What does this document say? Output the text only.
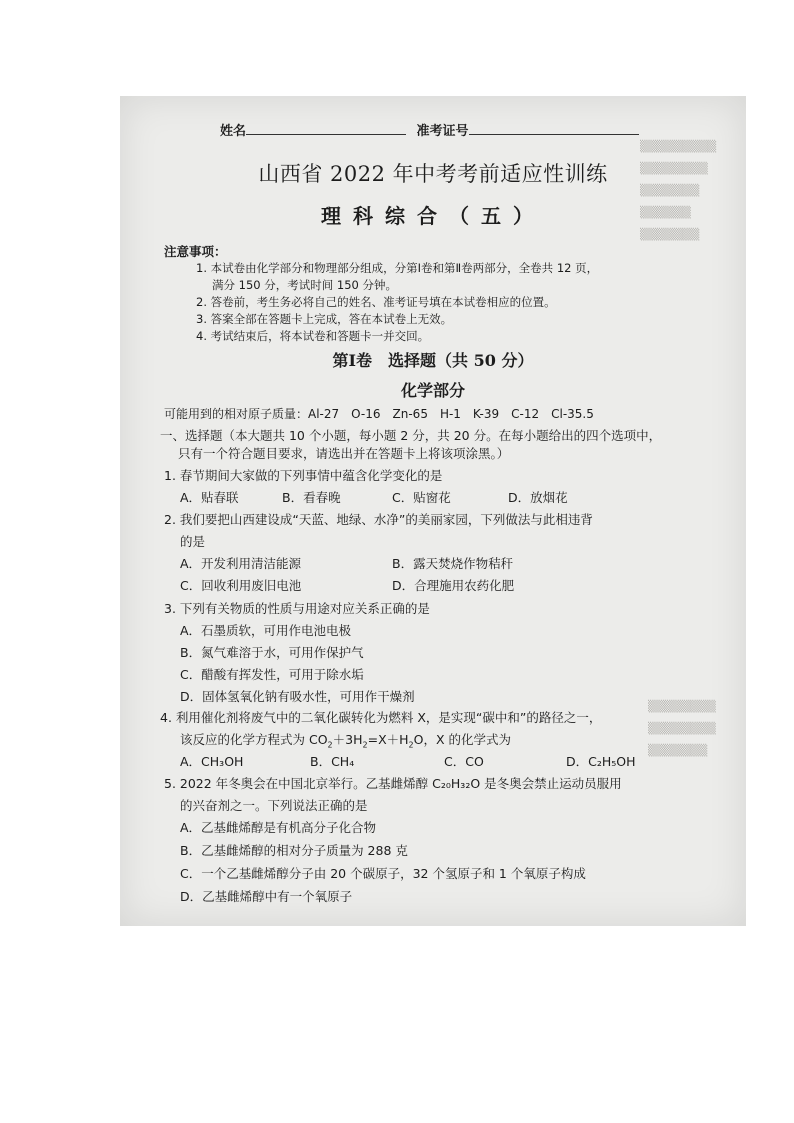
▒▒▒▒▒▒▒▒▒
▒▒▒▒▒▒▒▒
▒▒▒▒▒▒▒
▒▒▒▒▒▒
▒▒▒▒▒▒▒
▒▒▒▒▒▒▒▒
▒▒▒▒▒▒▒▒
▒▒▒▒▒▒▒
姓名	准考证号
山西省 2022 年中考考前适应性训练
理科综合（五）
注意事项：
1. 本试卷由化学部分和物理部分组成，分第Ⅰ卷和第Ⅱ卷两部分，全卷共 12 页，
满分 150 分，考试时间 150 分钟。
2. 答卷前，考生务必将自己的姓名、准考证号填在本试卷相应的位置。
3. 答案全部在答题卡上完成，答在本试卷上无效。
4. 考试结束后，将本试卷和答题卡一并交回。
第Ⅰ卷　选择题（共 50 分）
化学部分
可能用到的相对原子质量：Al-27　O-16　Zn-65　H-1　K-39　C-12　Cl-35.5
一、选择题（本大题共 10 个小题，每小题 2 分，共 20 分。在每小题给出的四个选项中，
只有一个符合题目要求，请选出并在答题卡上将该项涂黑。）
1. 春节期间大家做的下列事情中蕴含化学变化的是
A．贴春联	B．看春晚	C．贴窗花	D．放烟花
2. 我们要把山西建设成“天蓝、地绿、水净”的美丽家园，下列做法与此相违背
的是
A．开发利用清洁能源	B．露天焚烧作物秸秆
C．回收利用废旧电池	D．合理施用农药化肥
3. 下列有关物质的性质与用途对应关系正确的是
A．石墨质软，可用作电池电极
B．氮气难溶于水，可用作保护气
C．醋酸有挥发性，可用于除水垢
D．固体氢氧化钠有吸水性，可用作干燥剂
4. 利用催化剂将废气中的二氧化碳转化为燃料 X，是实现“碳中和”的路径之一，
该反应的化学方程式为 $CO_2+3H_2=X+H_2O$，X 的化学式为
A．CH₃OH	B．CH₄	C．CO	D．C₂H₅OH
5. 2022 年冬奥会在中国北京举行。乙基雌烯醇 C₂₀H₃₂O 是冬奥会禁止运动员服用
的兴奋剂之一。下列说法正确的是
A．乙基雌烯醇是有机高分子化合物
B．乙基雌烯醇的相对分子质量为 288 克
C．一个乙基雌烯醇分子由 20 个碳原子，32 个氢原子和 1 个氧原子构成
D．乙基雌烯醇中有一个氧原子
